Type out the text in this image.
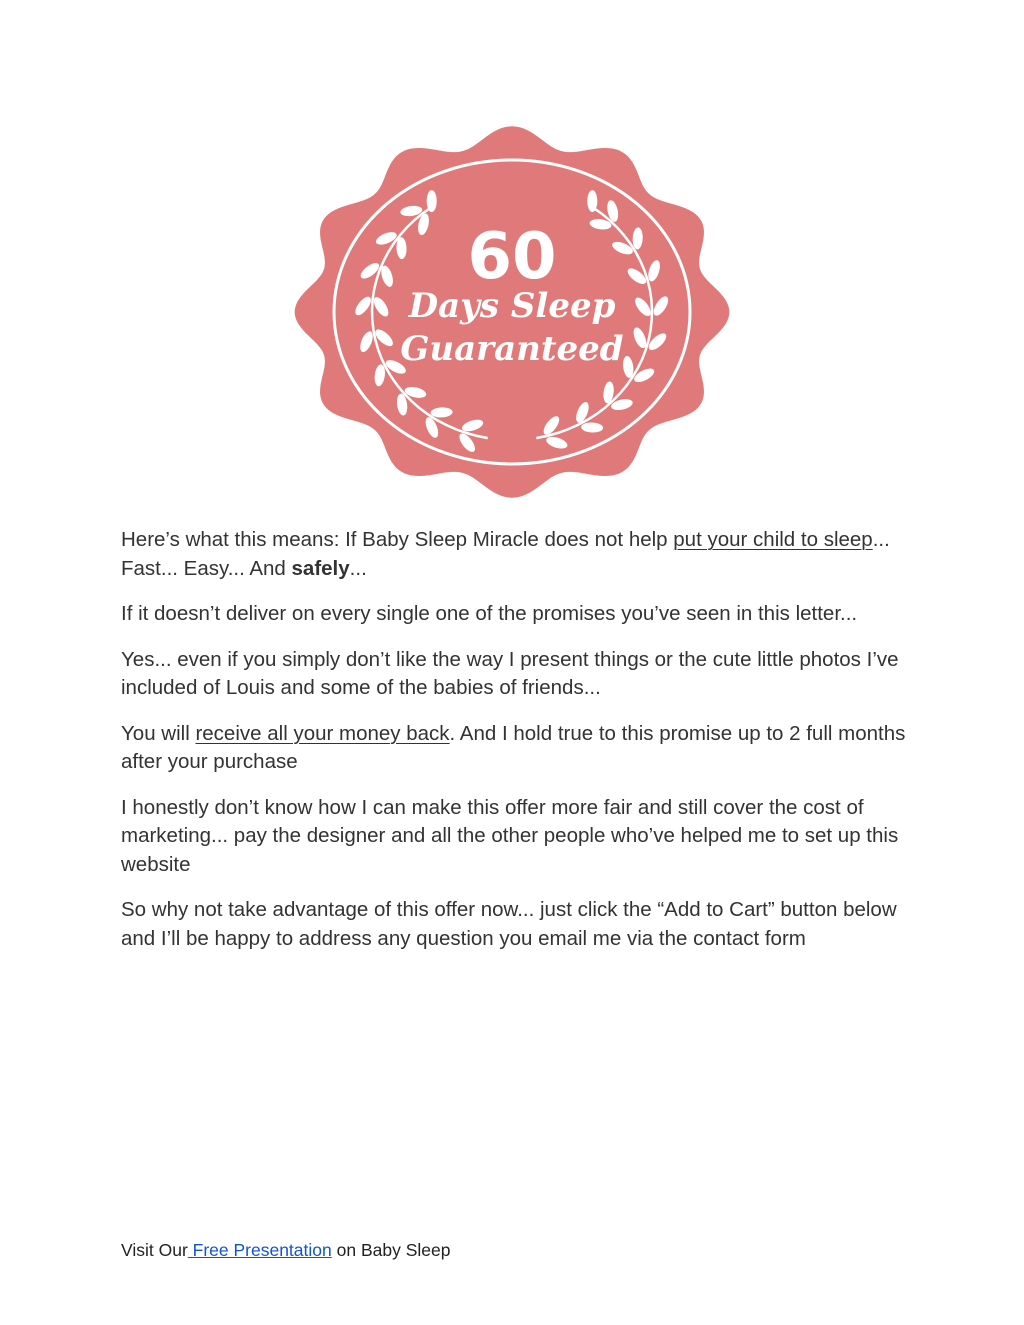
60
Days Sleep
Guaranteed

Here’s what this means: If Baby Sleep Miracle does not help put your child to sleep... Fast... Easy... And safely...

If it doesn’t deliver on every single one of the promises you’ve seen in this letter...

Yes... even if you simply don’t like the way I present things or the cute little photos I’ve included of Louis and some of the babies of friends...

You will receive all your money back. And I hold true to this promise up to 2 full months after your purchase

I honestly don’t know how I can make this offer more fair and still cover the cost of marketing... pay the designer and all the other people who’ve helped me to set up this website

So why not take advantage of this offer now... just click the “Add to Cart” button below and I’ll be happy to address any question you email me via the contact form

Visit Our Free Presentation on Baby Sleep
